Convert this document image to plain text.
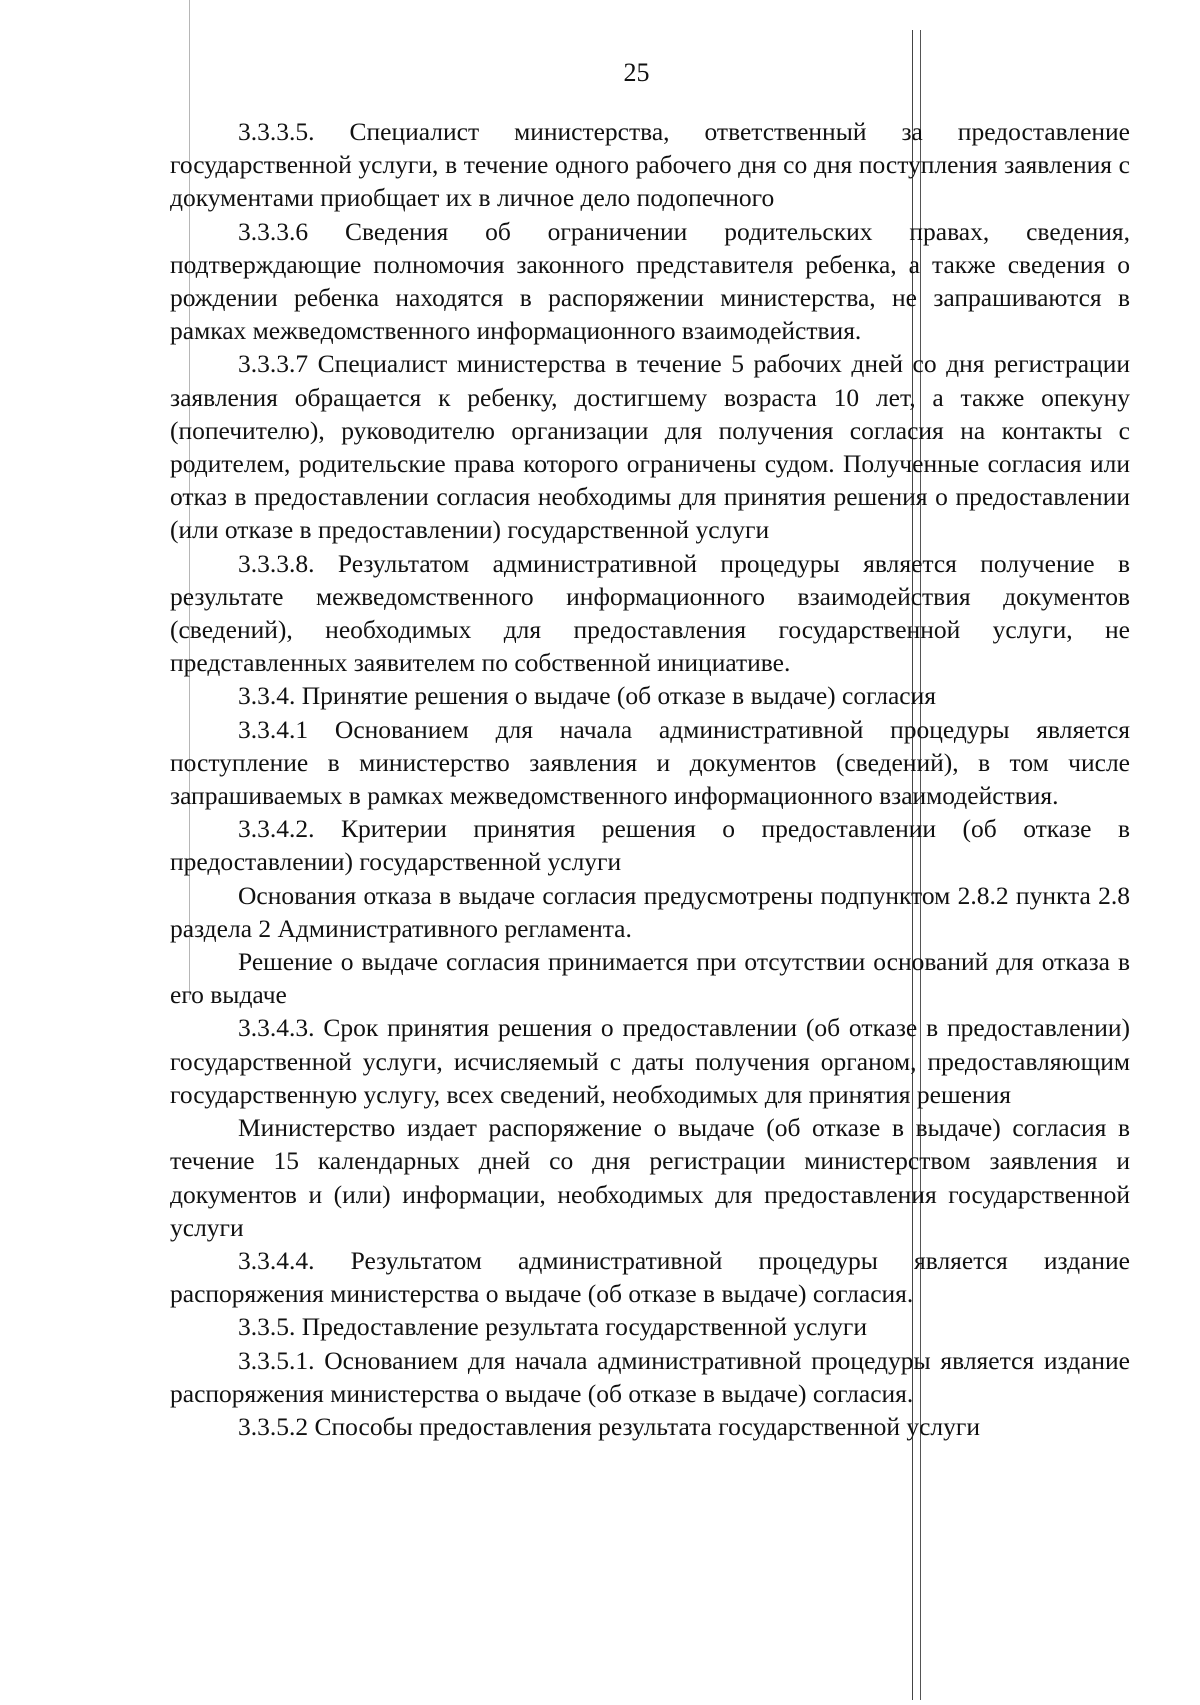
25

3.3.3.5. Специалист министерства, ответственный за предоставление государственной услуги, в течение одного рабочего дня со дня поступления заявления с документами приобщает их в личное дело подопечного

3.3.3.6 Сведения об ограничении родительских правах, сведения, подтверждающие полномочия законного представителя ребенка, а также сведения о рождении ребенка находятся в распоряжении министерства, не запрашиваются в рамках межведомственного информационного взаимодействия.

3.3.3.7 Специалист министерства в течение 5 рабочих дней со дня регистрации заявления обращается к ребенку, достигшему возраста 10 лет, а также опекуну (попечителю), руководителю организации для получения согласия на контакты с родителем, родительские права которого ограничены судом. Полученные согласия или отказ в предоставлении согласия необходимы для принятия решения о предоставлении (или отказе в предоставлении) государственной услуги

3.3.3.8. Результатом административной процедуры является получение в результате межведомственного информационного взаимодействия документов (сведений), необходимых для предоставления государственной услуги, не представленных заявителем по собственной инициативе.

3.3.4. Принятие решения о выдаче (об отказе в выдаче) согласия

3.3.4.1 Основанием для начала административной процедуры является поступление в министерство заявления и документов (сведений), в том числе запрашиваемых в рамках межведомственного информационного взаимодействия.

3.3.4.2. Критерии принятия решения о предоставлении (об отказе в предоставлении) государственной услуги

Основания отказа в выдаче согласия предусмотрены подпунктом 2.8.2 пункта 2.8 раздела 2 Административного регламента.

Решение о выдаче согласия принимается при отсутствии оснований для отказа в его выдаче

3.3.4.3. Срок принятия решения о предоставлении (об отказе в предоставлении) государственной услуги, исчисляемый с даты получения органом, предоставляющим государственную услугу, всех сведений, необходимых для принятия решения

Министерство издает распоряжение о выдаче (об отказе в выдаче) согласия в течение 15 календарных дней со дня регистрации министерством заявления и документов и (или) информации, необходимых для предоставления государственной услуги

3.3.4.4. Результатом административной процедуры является издание распоряжения министерства о выдаче (об отказе в выдаче) согласия.

3.3.5. Предоставление результата государственной услуги

3.3.5.1. Основанием для начала административной процедуры является издание распоряжения министерства о выдаче (об отказе в выдаче) согласия.

3.3.5.2 Способы предоставления результата государственной услуги
